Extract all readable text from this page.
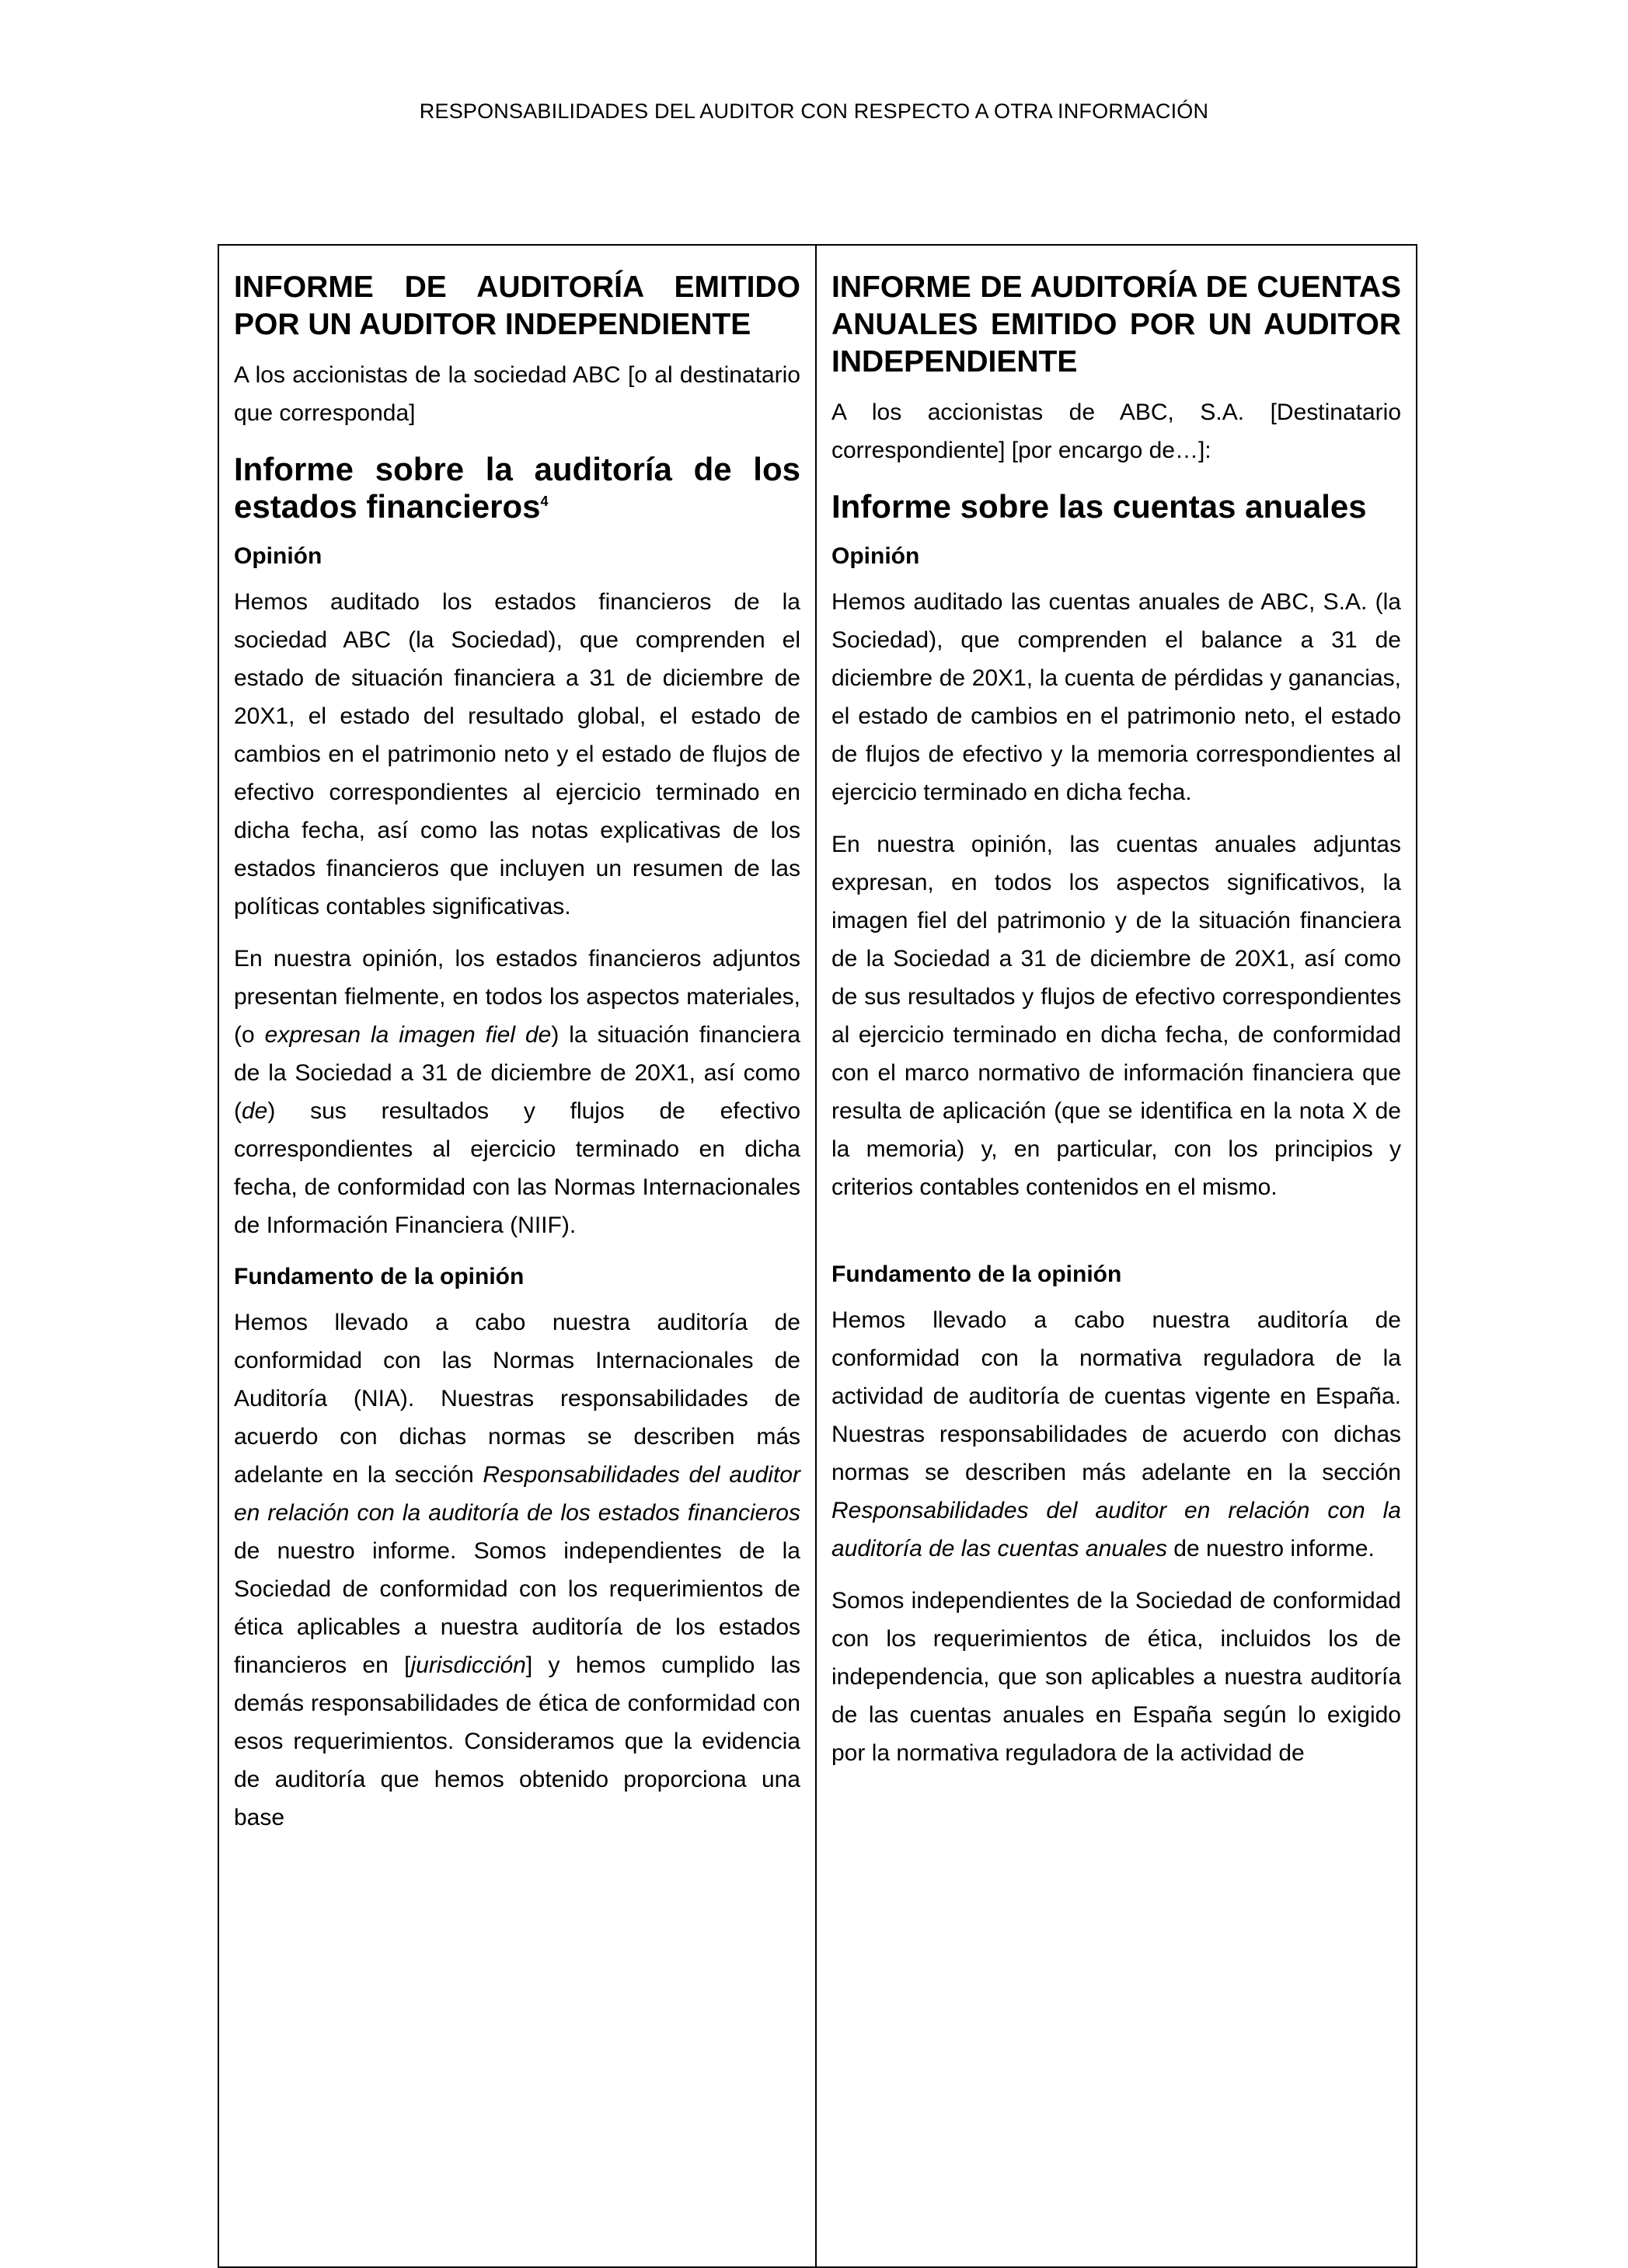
RESPONSABILIDADES DEL AUDITOR CON RESPECTO A OTRA INFORMACIÓN
INFORME DE AUDITORÍA EMITIDO POR UN AUDITOR INDEPENDIENTE
A los accionistas de la sociedad ABC [o al destinatario que corresponda]
Informe sobre la auditoría de los estados financieros$^4$
Opinión
Hemos auditado los estados financieros de la sociedad ABC (la Sociedad), que comprenden el estado de situación financiera a 31 de diciembre de 20X1, el estado del resultado global, el estado de cambios en el patrimonio neto y el estado de flujos de efectivo correspondientes al ejercicio terminado en dicha fecha, así como las notas explicativas de los estados financieros que incluyen un resumen de las políticas contables significativas.
En nuestra opinión, los estados financieros adjuntos presentan fielmente, en todos los aspectos materiales, (o expresan la imagen fiel de) la situación financiera de la Sociedad a 31 de diciembre de 20X1, así como (de) sus resultados y flujos de efectivo correspondientes al ejercicio terminado en dicha fecha, de conformidad con las Normas Internacionales de Información Financiera (NIIF).
Fundamento de la opinión
Hemos llevado a cabo nuestra auditoría de conformidad con las Normas Internacionales de Auditoría (NIA). Nuestras responsabilidades de acuerdo con dichas normas se describen más adelante en la sección Responsabilidades del auditor en relación con la auditoría de los estados financieros de nuestro informe. Somos independientes de la Sociedad de conformidad con los requerimientos de ética aplicables a nuestra auditoría de los estados financieros en [jurisdicción] y hemos cumplido las demás responsabilidades de ética de conformidad con esos requerimientos. Consideramos que la evidencia de auditoría que hemos obtenido proporciona una base
INFORME DE AUDITORÍA DE CUENTAS ANUALES EMITIDO POR UN AUDITOR INDEPENDIENTE
A los accionistas de ABC, S.A. [Destinatario correspondiente] [por encargo de…]:
Informe sobre las cuentas anuales
Opinión
Hemos auditado las cuentas anuales de ABC, S.A. (la Sociedad), que comprenden el balance a 31 de diciembre de 20X1, la cuenta de pérdidas y ganancias, el estado de cambios en el patrimonio neto, el estado de flujos de efectivo y la memoria correspondientes al ejercicio terminado en dicha fecha.
En nuestra opinión, las cuentas anuales adjuntas expresan, en todos los aspectos significativos, la imagen fiel del patrimonio y de la situación financiera de la Sociedad a 31 de diciembre de 20X1, así como de sus resultados y flujos de efectivo correspondientes al ejercicio terminado en dicha fecha, de conformidad con el marco normativo de información financiera que resulta de aplicación (que se identifica en la nota X de la memoria) y, en particular, con los principios y criterios contables contenidos en el mismo.
Fundamento de la opinión
Hemos llevado a cabo nuestra auditoría de conformidad con la normativa reguladora de la actividad de auditoría de cuentas vigente en España. Nuestras responsabilidades de acuerdo con dichas normas se describen más adelante en la sección Responsabilidades del auditor en relación con la auditoría de las cuentas anuales de nuestro informe.
Somos independientes de la Sociedad de conformidad con los requerimientos de ética, incluidos los de independencia, que son aplicables a nuestra auditoría de las cuentas anuales en España según lo exigido por la normativa reguladora de la actividad de
